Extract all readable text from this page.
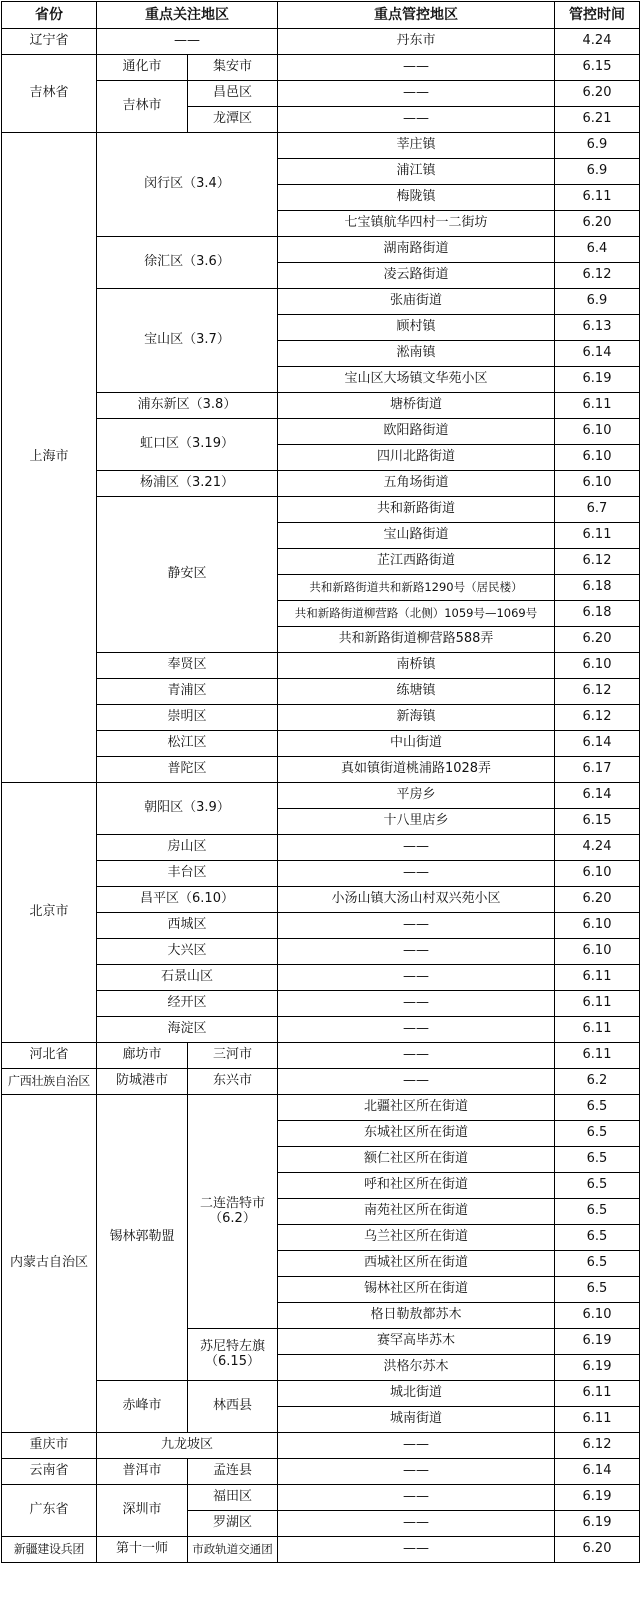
省份	重点关注地区		重点管控地区	管控时间
辽宁省	——		丹东市	4.24
吉林省	通化市	集安市	——	6.15
	吉林市	昌邑区	——	6.20
		龙潭区	——	6.21
上海市	闵行区（3.4）		莘庄镇	6.9
			浦江镇	6.9
			梅陇镇	6.11
			七宝镇航华四村一二街坊	6.20
	徐汇区（3.6）		湖南路街道	6.4
			凌云路街道	6.12
	宝山区（3.7）		张庙街道	6.9
			顾村镇	6.13
			淞南镇	6.14
			宝山区大场镇文华苑小区	6.19
	浦东新区（3.8）		塘桥街道	6.11
	虹口区（3.19）		欧阳路街道	6.10
			四川北路街道	6.10
	杨浦区（3.21）		五角场街道	6.10
	静安区		共和新路街道	6.7
			宝山路街道	6.11
			芷江西路街道	6.12
			共和新路街道共和新路1290号（居民楼）	6.18
			共和新路街道柳营路（北侧）1059号—1069号	6.18
			共和新路街道柳营路588弄	6.20
	奉贤区		南桥镇	6.10
	青浦区		练塘镇	6.12
	崇明区		新海镇	6.12
	松江区		中山街道	6.14
	普陀区		真如镇街道桃浦路1028弄	6.17
北京市	朝阳区（3.9）		平房乡	6.14
			十八里店乡	6.15
	房山区		——	4.24
	丰台区		——	6.10
	昌平区（6.10）		小汤山镇大汤山村双兴苑小区	6.20
	西城区		——	6.10
	大兴区		——	6.10
	石景山区		——	6.11
	经开区		——	6.11
	海淀区		——	6.11
河北省	廊坊市	三河市	——	6.11
广西壮族自治区	防城港市	东兴市	——	6.2
内蒙古自治区	锡林郭勒盟	二连浩特市（6.2）	北疆社区所在街道	6.5
			东城社区所在街道	6.5
			额仁社区所在街道	6.5
			呼和社区所在街道	6.5
			南苑社区所在街道	6.5
			乌兰社区所在街道	6.5
			西城社区所在街道	6.5
			锡林社区所在街道	6.5
			格日勒敖都苏木	6.10
		苏尼特左旗（6.15）	赛罕高毕苏木	6.19
			洪格尔苏木	6.19
	赤峰市	林西县	城北街道	6.11
			城南街道	6.11
重庆市	九龙坡区		——	6.12
云南省	普洱市	孟连县	——	6.14
广东省	深圳市	福田区	——	6.19
		罗湖区	——	6.19
新疆建设兵团	第十一师	市政轨道交通团	——	6.20
